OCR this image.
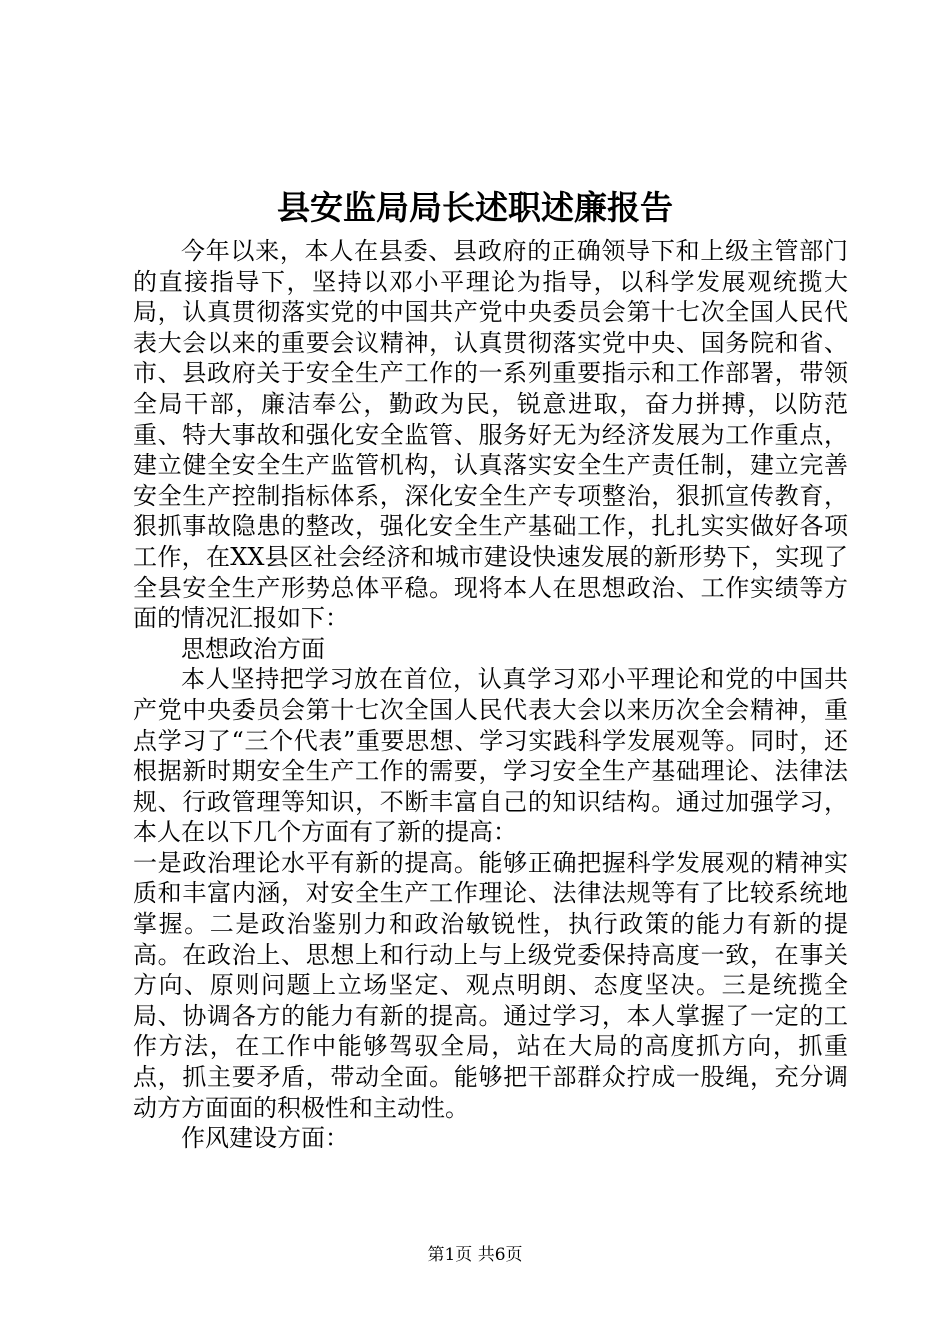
县安监局局长述职述廉报告

今年以来，本人在县委、县政府的正确领导下和上级主管部门的直接指导下，坚持以邓小平理论为指导，以科学发展观统揽大局，认真贯彻落实党的中国共产党中央委员会第十七次全国人民代表大会以来的重要会议精神，认真贯彻落实党中央、国务院和省、市、县政府关于安全生产工作的一系列重要指示和工作部署，带领全局干部，廉洁奉公，勤政为民，锐意进取，奋力拼搏，以防范重、特大事故和强化安全监管、服务好无为经济发展为工作重点，建立健全安全生产监管机构，认真落实安全生产责任制，建立完善安全生产控制指标体系，深化安全生产专项整治，狠抓宣传教育，狠抓事故隐患的整改，强化安全生产基础工作，扎扎实实做好各项工作，在XX县区社会经济和城市建设快速发展的新形势下，实现了全县安全生产形势总体平稳。现将本人在思想政治、工作实绩等方面的情况汇报如下：

思想政治方面

本人坚持把学习放在首位，认真学习邓小平理论和党的中国共产党中央委员会第十七次全国人民代表大会以来历次全会精神，重点学习了“三个代表”重要思想、学习实践科学发展观等。同时，还根据新时期安全生产工作的需要，学习安全生产基础理论、法律法规、行政管理等知识，不断丰富自己的知识结构。通过加强学习，本人在以下几个方面有了新的提高：

一是政治理论水平有新的提高。能够正确把握科学发展观的精神实质和丰富内涵，对安全生产工作理论、法律法规等有了比较系统地掌握。二是政治鉴别力和政治敏锐性，执行政策的能力有新的提高。在政治上、思想上和行动上与上级党委保持高度一致，在事关方向、原则问题上立场坚定、观点明朗、态度坚决。三是统揽全局、协调各方的能力有新的提高。通过学习，本人掌握了一定的工作方法，在工作中能够驾驭全局，站在大局的高度抓方向，抓重点，抓主要矛盾，带动全面。能够把干部群众拧成一股绳，充分调动方方面面的积极性和主动性。

作风建设方面：

第1页 共6页
